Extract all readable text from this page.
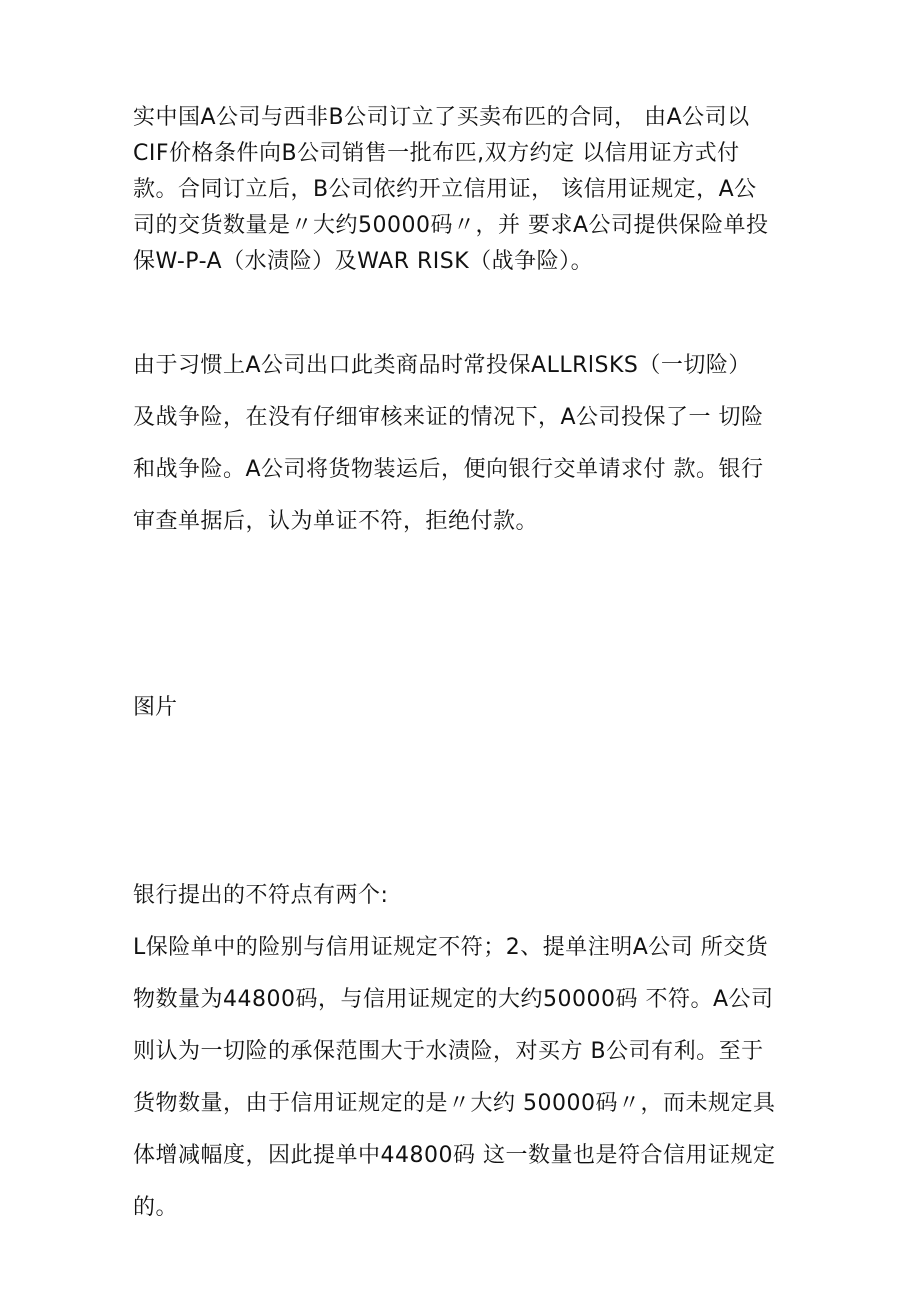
实中国A公司与西非B公司订立了买卖布匹的合同， 由A公司以
CIF价格条件向B公司销售一批布匹,双方约定 以信用证方式付
款。合同订立后，B公司依约开立信用证， 该信用证规定，A公
司的交货数量是〃大约50000码〃，并 要求A公司提供保险单投
保W-P-A（水渍险）及WAR RISK（战争险）。
由于习惯上A公司出口此类商品时常投保ALLRlSKS（一切险）
及战争险，在没有仔细审核来证的情况下，A公司投保了一 切险
和战争险。A公司将货物装运后，便向银行交单请求付 款。银行
审查单据后，认为单证不符，拒绝付款。
图片
银行提出的不符点有两个:
L保险单中的险别与信用证规定不符；2、提单注明A公司 所交货
物数量为44800码，与信用证规定的大约50000码 不符。A公司
则认为一切险的承保范围大于水渍险，对买方 B公司有利。至于
货物数量，由于信用证规定的是〃大约 50000码〃，而未规定具
体增减幅度，因此提单中44800码 这一数量也是符合信用证规定
的。
